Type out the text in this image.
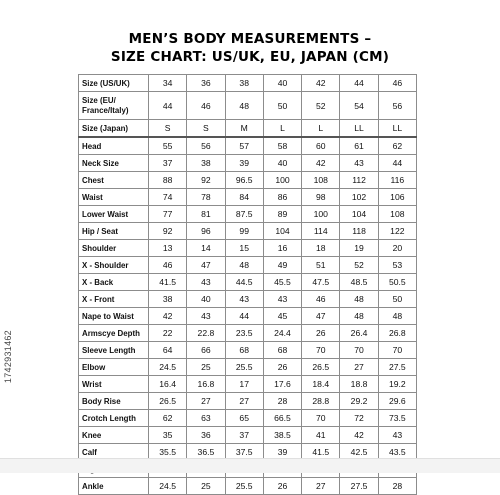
MEN’S BODY MEASUREMENTS –
SIZE CHART: US/UK, EU, JAPAN (CM)
Size (US/UK)	34	36	38	40	42	44	46
Size (EU/ France/Italy)	44	46	48	50	52	54	56
Size (Japan)	S	S	M	L	L	LL	LL
Head	55	56	57	58	60	61	62
Neck Size	37	38	39	40	42	43	44
Chest	88	92	96.5	100	108	112	116
Waist	74	78	84	86	98	102	106
Lower Waist	77	81	87.5	89	100	104	108
Hip / Seat	92	96	99	104	114	118	122
Shoulder	13	14	15	16	18	19	20
X - Shoulder	46	47	48	49	51	52	53
X - Back	41.5	43	44.5	45.5	47.5	48.5	50.5
X - Front	38	40	43	43	46	48	50
Nape to Waist	42	43	44	45	47	48	48
Armscye Depth	22	22.8	23.5	24.4	26	26.4	26.8
Sleeve Length	64	66	68	68	70	70	70
Elbow	24.5	25	25.5	26	26.5	27	27.5
Wrist	16.4	16.8	17	17.6	18.4	18.8	19.2
Body Rise	26.5	27	27	28	28.8	29.2	29.6
Crotch Length	62	63	65	66.5	70	72	73.5
Knee	35	36	37	38.5	41	42	43
Calf	35.5	36.5	37.5	39	41.5	42.5	43.5

Ankle	24.5	25	25.5	26	27	27.5	28
1742931462
